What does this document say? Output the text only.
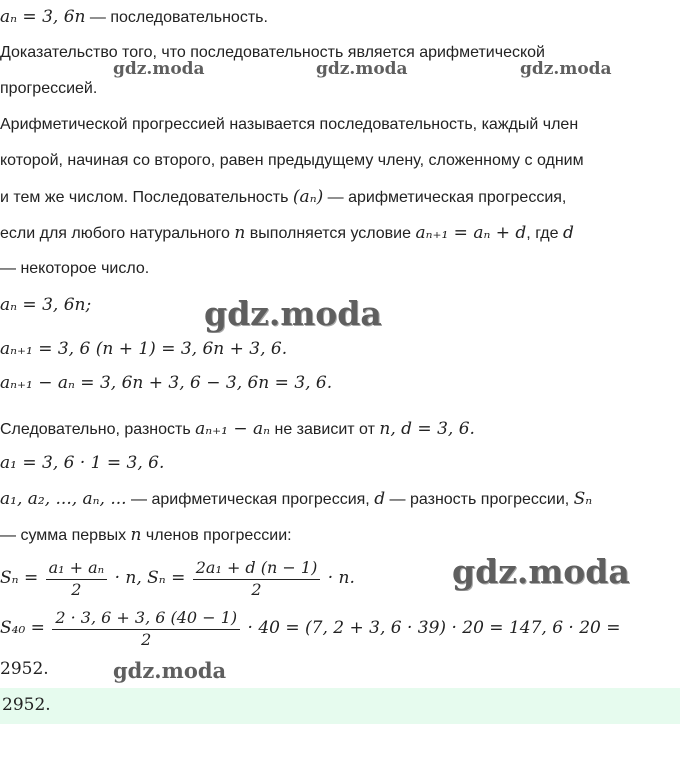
aₙ = 3, 6n — последовательность.
Доказательство того, что последовательность является арифметической
прогрессией.
Арифметической прогрессией называется последовательность, каждый член
которой, начиная со второго, равен предыдущему члену, сложенному с одним
и тем же числом. Последовательность (aₙ) — арифметическая прогрессия,
если для любого натурального n выполняется условие aₙ₊₁ = aₙ + d, где d
— некоторое число.
aₙ = 3, 6n;
aₙ₊₁ = 3, 6 (n + 1) = 3, 6n + 3, 6.
aₙ₊₁ − aₙ = 3, 6n + 3, 6 − 3, 6n = 3, 6.
Следовательно, разность aₙ₊₁ − aₙ не зависит от n, d = 3, 6.
a₁ = 3, 6 · 1 = 3, 6.
a₁, a₂, ..., aₙ, ... — арифметическая прогрессия, d — разность прогрессии, Sₙ
— сумма первых n членов прогрессии:
$S_n = \frac{\text{a₁ + aₙ}}{2} \cdot n$, $S_n = \frac{\text{2a₁ + d (n − 1)}}{2} \cdot n$.
$S_{40} = \frac{2 \cdot 3, 6 + 3, 6 (40 - 1)}{2} \cdot 40 = (7$, 2 + 3, 6 · 39) · 20 = 147, 6 · 20 =
2952.
2952.
gdz.moda	gdz.moda	gdz.moda
gdz.moda
gdz.moda
gdz.moda
